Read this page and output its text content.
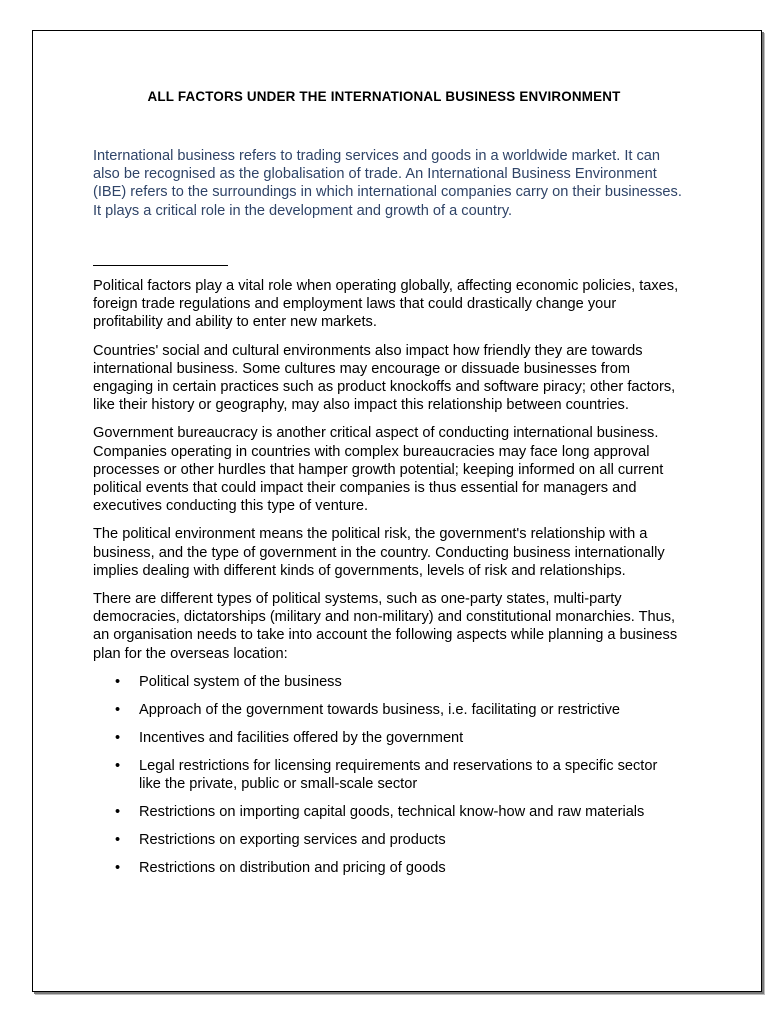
ALL FACTORS UNDER THE INTERNATIONAL BUSINESS ENVIRONMENT

International business refers to trading services and goods in a worldwide market. It can also be recognised as the globalisation of trade. An International Business Environment (IBE) refers to the surroundings in which international companies carry on their businesses. It plays a critical role in the development and growth of a country.

Political factors play a vital role when operating globally, affecting economic policies, taxes, foreign trade regulations and employment laws that could drastically change your profitability and ability to enter new markets.

Countries' social and cultural environments also impact how friendly they are towards international business. Some cultures may encourage or dissuade businesses from engaging in certain practices such as product knockoffs and software piracy; other factors, like their history or geography, may also impact this relationship between countries.

Government bureaucracy is another critical aspect of conducting international business. Companies operating in countries with complex bureaucracies may face long approval processes or other hurdles that hamper growth potential; keeping informed on all current political events that could impact their companies is thus essential for managers and executives conducting this type of venture.

The political environment means the political risk, the government's relationship with a business, and the type of government in the country. Conducting business internationally implies dealing with different kinds of governments, levels of risk and relationships.

There are different types of political systems, such as one-party states, multi-party democracies, dictatorships (military and non-military) and constitutional monarchies. Thus, an organisation needs to take into account the following aspects while planning a business plan for the overseas location:

• Political system of the business
• Approach of the government towards business, i.e. facilitating or restrictive
• Incentives and facilities offered by the government
• Legal restrictions for licensing requirements and reservations to a specific sector like the private, public or small-scale sector
• Restrictions on importing capital goods, technical know-how and raw materials
• Restrictions on exporting services and products
• Restrictions on distribution and pricing of goods
